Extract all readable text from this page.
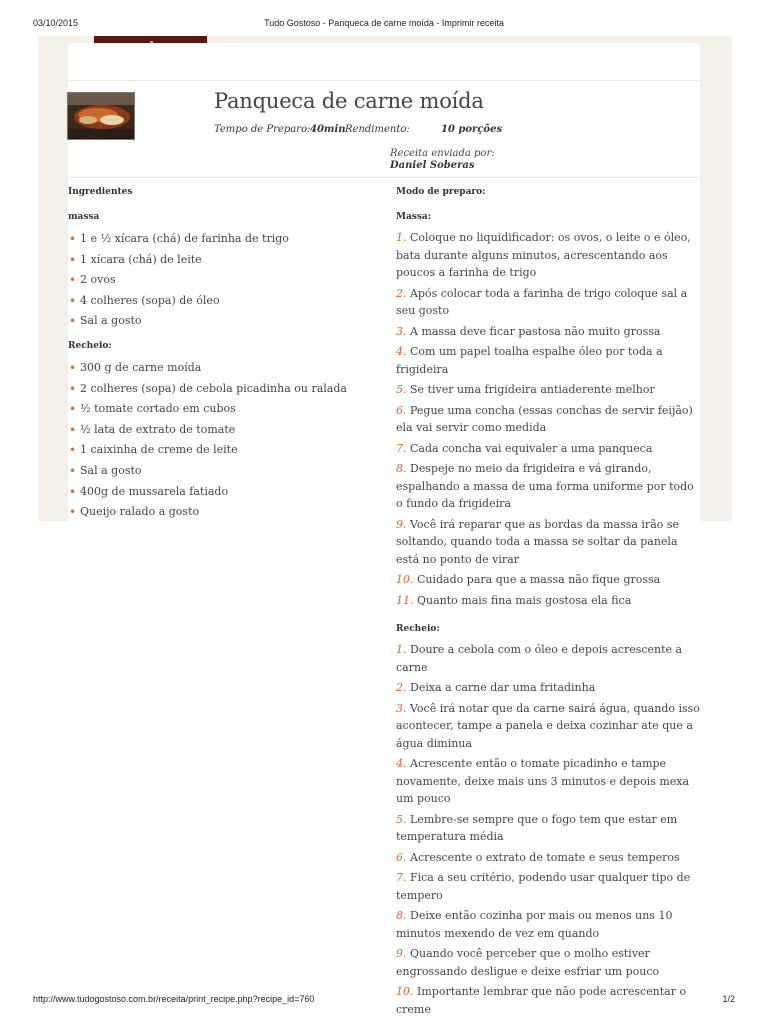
03/10/2015	Tudo Gostoso - Panqueca de carne moída - Imprimir receita
Panqueca de carne moída
Tempo de Preparo: 40min Rendimento:	10 porções
Receita enviada por:
Daniel Soberas
Ingredientes
massa
• 1 e ½ xícara (chá) de farinha de trigo
• 1 xícara (chá) de leite
• 2 ovos
• 4 colheres (sopa) de óleo
• Sal a gosto
Recheio:
• 300 g de carne moída
• 2 colheres (sopa) de cebola picadinha ou ralada
• ½ tomate cortado em cubos
• ½ lata de extrato de tomate
• 1 caixinha de creme de leite
• Sal a gosto
• 400g de mussarela fatiado
• Queijo ralado a gosto
Modo de preparo:
Massa:
1. Coloque no liquidificador: os ovos, o leite o e óleo, bata durante alguns minutos, acrescentando aos poucos a farinha de trigo
2. Após colocar toda a farinha de trigo coloque sal a seu gosto
3. A massa deve ficar pastosa não muito grossa
4. Com um papel toalha espalhe óleo por toda a frigideira
5. Se tiver uma frigideira antiaderente melhor
6. Pegue uma concha (essas conchas de servir feijão) ela vai servir como medida
7. Cada concha vai equivaler a uma panqueca
8. Despeje no meio da frigideira e vá girando, espalhando a massa de uma forma uniforme por todo o fundo da frigideira
9. Você irá reparar que as bordas da massa irão se soltando, quando toda a massa se soltar da panela está no ponto de virar
10. Cuidado para que a massa não fique grossa
11. Quanto mais fina mais gostosa ela fica
Recheio:
1. Doure a cebola com o óleo e depois acrescente a carne
2. Deixa a carne dar uma fritadinha
3. Você irá notar que da carne sairá água, quando isso acontecer, tampe a panela e deixa cozinhar ate que a água diminua
4. Acrescente então o tomate picadinho e tampe novamente, deixe mais uns 3 minutos e depois mexa um pouco
5. Lembre-se sempre que o fogo tem que estar em temperatura média
6. Acrescente o extrato de tomate e seus temperos
7. Fica a seu critério, podendo usar qualquer tipo de tempero
8. Deixe então cozinha por mais ou menos uns 10 minutos mexendo de vez em quando
9. Quando você perceber que o molho estiver engrossando desligue e deixe esfriar um pouco
10. Importante lembrar que não pode acrescentar o creme
http://www.tudogostoso.com.br/receita/print_recipe.php?recipe_id=760	1/2
